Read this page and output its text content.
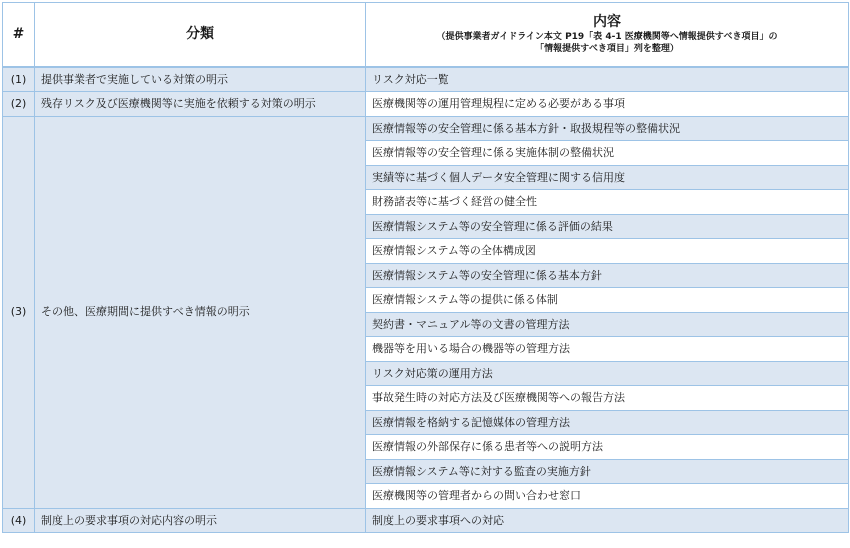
#	分類	内容
（提供事業者ガイドライン本文 P19「表 4-1 医療機関等へ情報提供すべき項目」の
「情報提供すべき項目」列を整理）

(1)	提供事業者で実施している対策の明示	リスク対応一覧
(2)	残存リスク及び医療機関等に実施を依頼する対策の明示	医療機関等の運用管理規程に定める必要がある事項
(3)	その他、医療期間に提供すべき情報の明示	医療情報等の安全管理に係る基本方針・取扱規程等の整備状況
		医療情報等の安全管理に係る実施体制の整備状況
		実績等に基づく個人データ安全管理に関する信用度
		財務諸表等に基づく経営の健全性
		医療情報システム等の安全管理に係る評価の結果
		医療情報システム等の全体構成図
		医療情報システム等の安全管理に係る基本方針
		医療情報システム等の提供に係る体制
		契約書・マニュアル等の文書の管理方法
		機器等を用いる場合の機器等の管理方法
		リスク対応策の運用方法
		事故発生時の対応方法及び医療機関等への報告方法
		医療情報を格納する記憶媒体の管理方法
		医療情報の外部保存に係る患者等への説明方法
		医療情報システム等に対する監査の実施方針
		医療機関等の管理者からの問い合わせ窓口
(4)	制度上の要求事項の対応内容の明示	制度上の要求事項への対応
